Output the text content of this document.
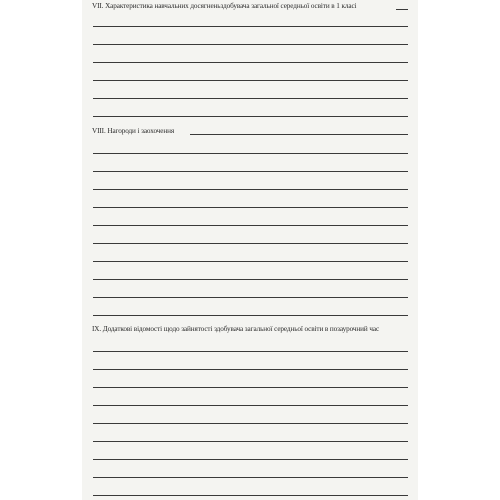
VII. Характеристика навчальних досягненьздобувача загальної середньої освіти в 1 класі
VIII. Нагороди і заохочення
IX. Додаткові відомості щодо зайнятості здобувача загальної середньої освіти в позаурочний час
